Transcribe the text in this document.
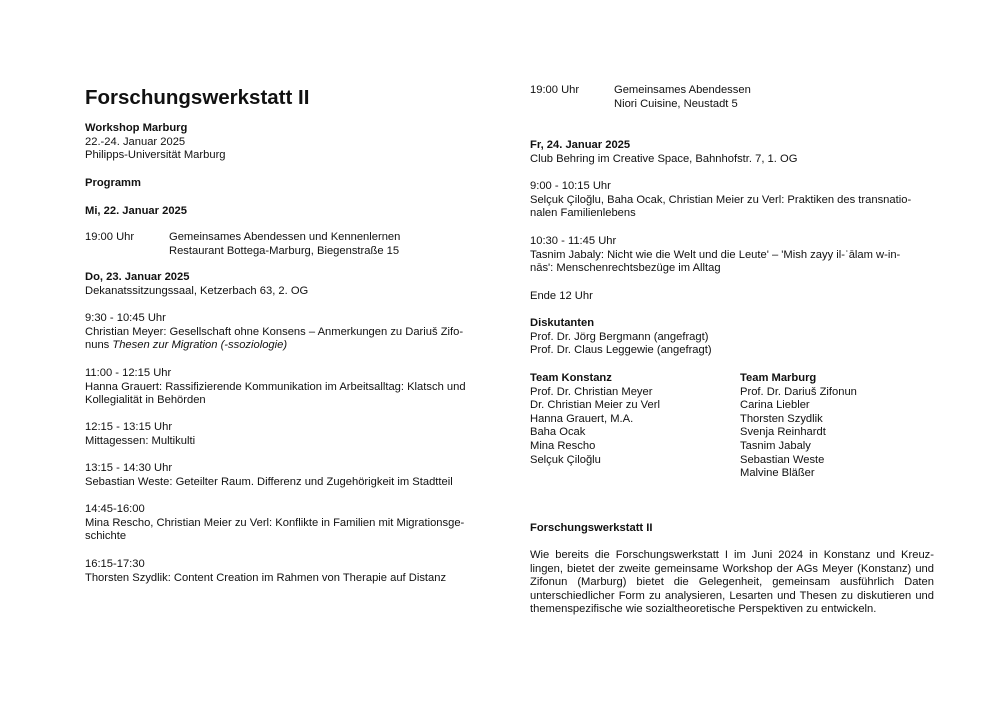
Forschungswerkstatt II
Workshop Marburg
22.-24. Januar 2025
Philipps-Universität Marburg
Programm
Mi, 22. Januar 2025
19:00 Uhr	Gemeinsames Abendessen und Kennenlernen
Restaurant Bottega-Marburg, Biegenstraße 15
Do, 23. Januar 2025
Dekanatssitzungssaal, Ketzerbach 63, 2. OG
9:30 - 10:45 Uhr
Christian Meyer: Gesellschaft ohne Konsens – Anmerkungen zu Dariuš Zifo-
nuns Thesen zur Migration (-ssoziologie)
11:00 - 12:15 Uhr
Hanna Grauert: Rassifizierende Kommunikation im Arbeitsalltag: Klatsch und
Kollegialität in Behörden
12:15 - 13:15 Uhr
Mittagessen: Multikulti
13:15 - 14:30 Uhr
Sebastian Weste: Geteilter Raum. Differenz und Zugehörigkeit im Stadtteil
14:45-16:00
Mina Rescho, Christian Meier zu Verl: Konflikte in Familien mit Migrationsge-
schichte
16:15-17:30
Thorsten Szydlik: Content Creation im Rahmen von Therapie auf Distanz
19:00 Uhr	Gemeinsames Abendessen
Niori Cuisine, Neustadt 5
Fr, 24. Januar 2025
Club Behring im Creative Space, Bahnhofstr. 7, 1. OG
9:00 - 10:15 Uhr
Selçuk Çiloğlu, Baha Ocak, Christian Meier zu Verl: Praktiken des transnatio-
nalen Familienlebens
10:30 - 11:45 Uhr
Tasnim Jabaly: Nicht wie die Welt und die Leute' – 'Mish zayy il-ʿālam w-in-
nās': Menschenrechtsbezüge im Alltag
Ende 12 Uhr
Diskutanten
Prof. Dr. Jörg Bergmann (angefragt)
Prof. Dr. Claus Leggewie (angefragt)
Team Konstanz
Prof. Dr. Christian Meyer
Dr. Christian Meier zu Verl
Hanna Grauert, M.A.
Baha Ocak
Mina Rescho
Selçuk Çiloğlu
Team Marburg
Prof. Dr. Dariuš Zifonun
Carina Liebler
Thorsten Szydlik
Svenja Reinhardt
Tasnim Jabaly
Sebastian Weste
Malvine Bläßer
Forschungswerkstatt II
Wie bereits die Forschungswerkstatt I im Juni 2024 in Konstanz und Kreuz-lingen, bietet der zweite gemeinsame Workshop der AGs Meyer (Konstanz) und Zifonun (Marburg) bietet die Gelegenheit, gemeinsam ausführlich Daten unterschiedlicher Form zu analysieren, Lesarten und Thesen zu diskutieren und themenspezifische wie sozialtheoretische Perspektiven zu entwickeln.
